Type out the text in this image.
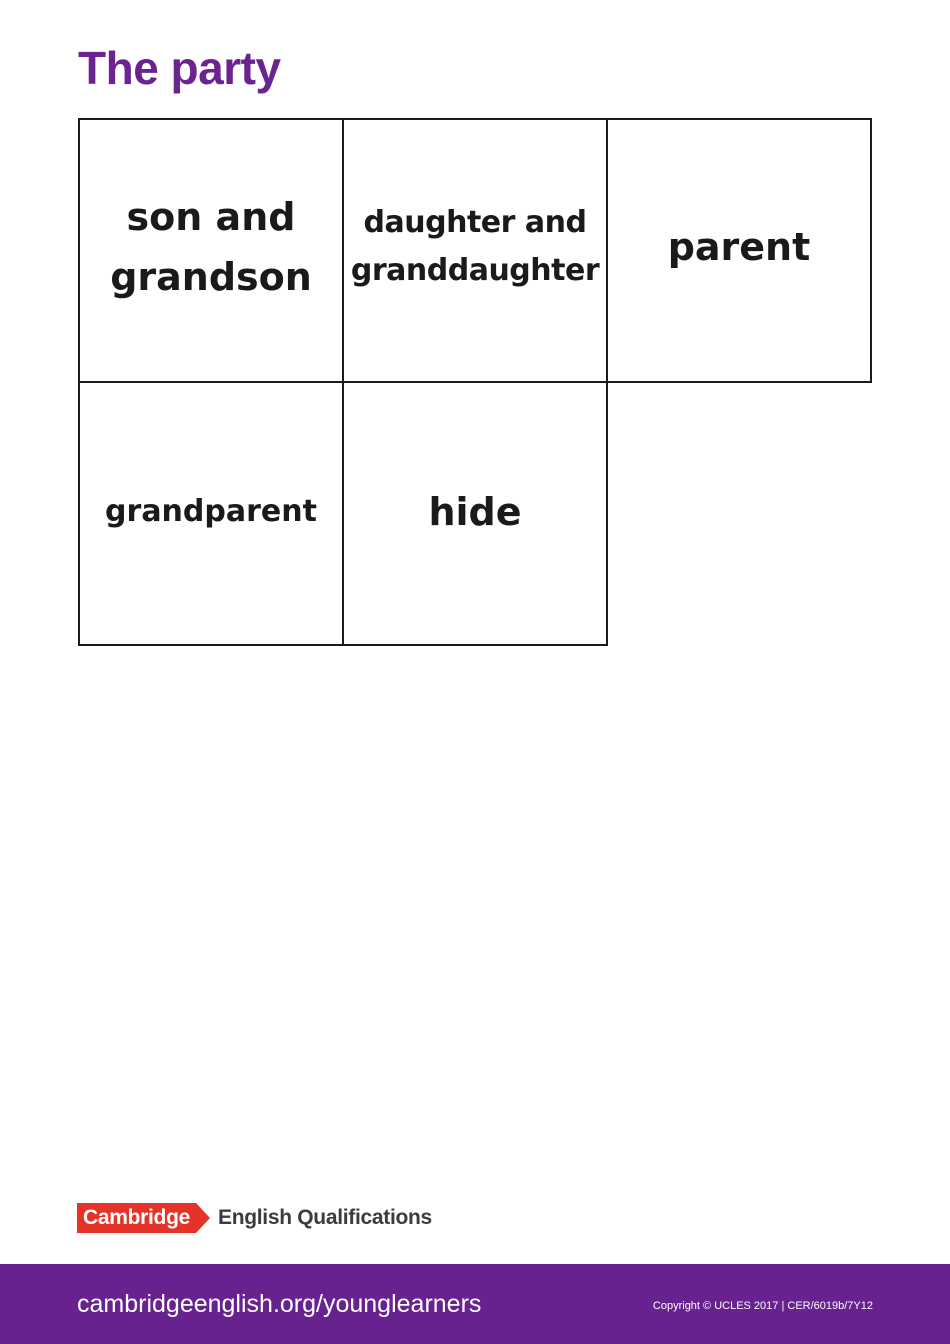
The party
son and
grandson
daughter and
granddaughter
parent
grandparent	hide
Cambridge English Qualifications
cambridgeenglish.org/younglearners	Copyright © UCLES 2017 | CER/6019b/7Y12
